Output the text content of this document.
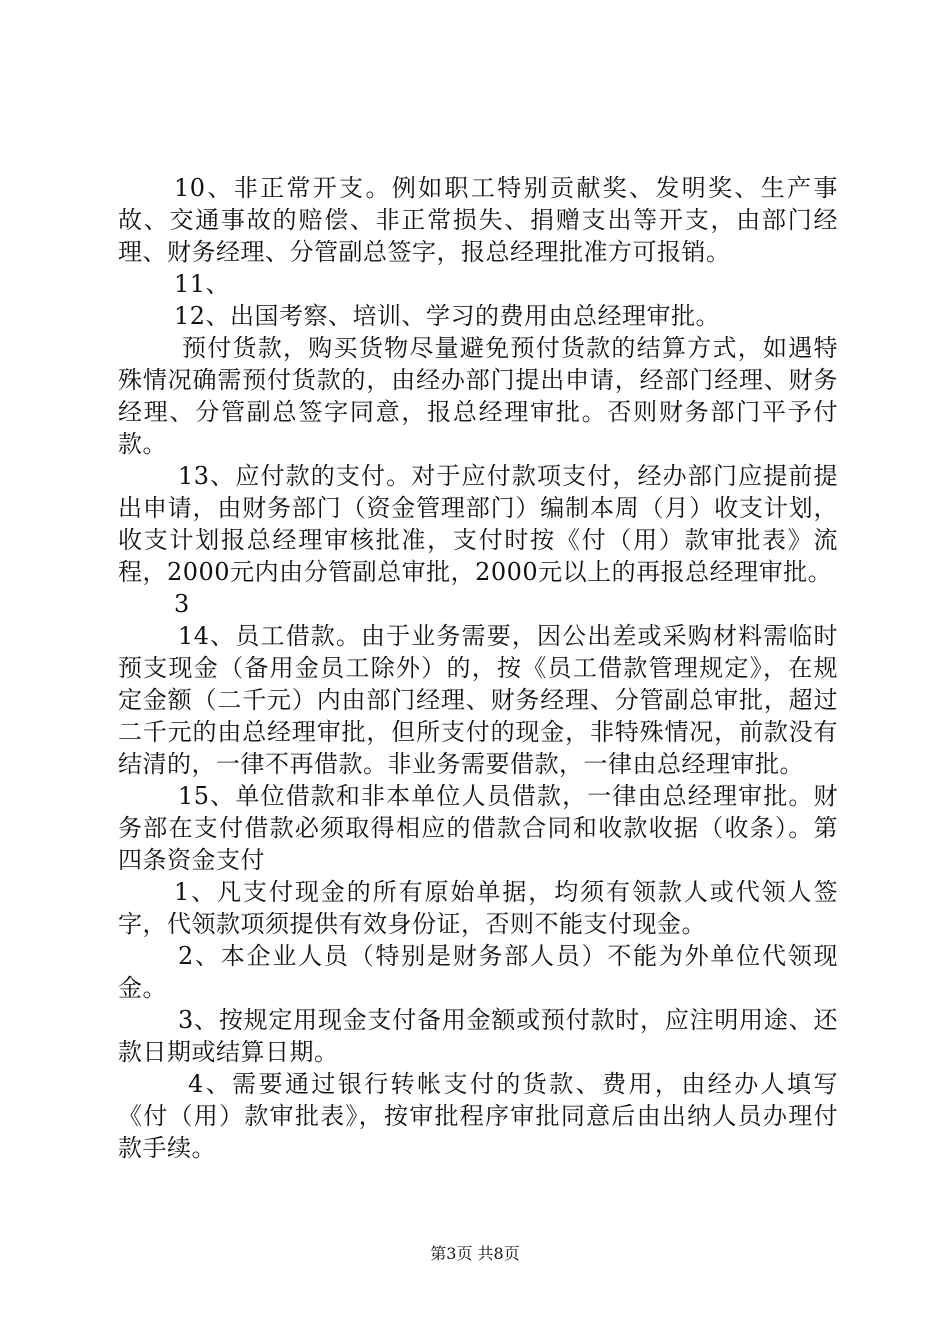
10、非正常开支。例如职工特别贡献奖、发明奖、生产事故、交通事故的赔偿、非正常损失、捐赠支出等开支，由部门经理、财务经理、分管副总签字，报总经理批准方可报销。

11、

12、出国考察、培训、学习的费用由总经理审批。

预付货款，购买货物尽量避免预付货款的结算方式，如遇特殊情况确需预付货款的，由经办部门提出申请，经部门经理、财务经理、分管副总签字同意，报总经理审批。否则财务部门平予付款。

13、应付款的支付。对于应付款项支付，经办部门应提前提出申请，由财务部门（资金管理部门）编制本周（月）收支计划，收支计划报总经理审核批准，支付时按《付（用）款审批表》流程，2000元内由分管副总审批，2000元以上的再报总经理审批。

3

14、员工借款。由于业务需要，因公出差或采购材料需临时预支现金（备用金员工除外）的，按《员工借款管理规定》，在规定金额（二千元）内由部门经理、财务经理、分管副总审批，超过二千元的由总经理审批，但所支付的现金，非特殊情况，前款没有结清的，一律不再借款。非业务需要借款，一律由总经理审批。

15、单位借款和非本单位人员借款，一律由总经理审批。财务部在支付借款必须取得相应的借款合同和收款收据（收条）。第四条资金支付

1、凡支付现金的所有原始单据，均须有领款人或代领人签字，代领款项须提供有效身份证，否则不能支付现金。

2、本企业人员（特别是财务部人员）不能为外单位代领现金。

3、按规定用现金支付备用金额或预付款时，应注明用途、还款日期或结算日期。

4、需要通过银行转帐支付的货款、费用，由经办人填写《付（用）款审批表》，按审批程序审批同意后由出纳人员办理付款手续。

第3页 共8页
